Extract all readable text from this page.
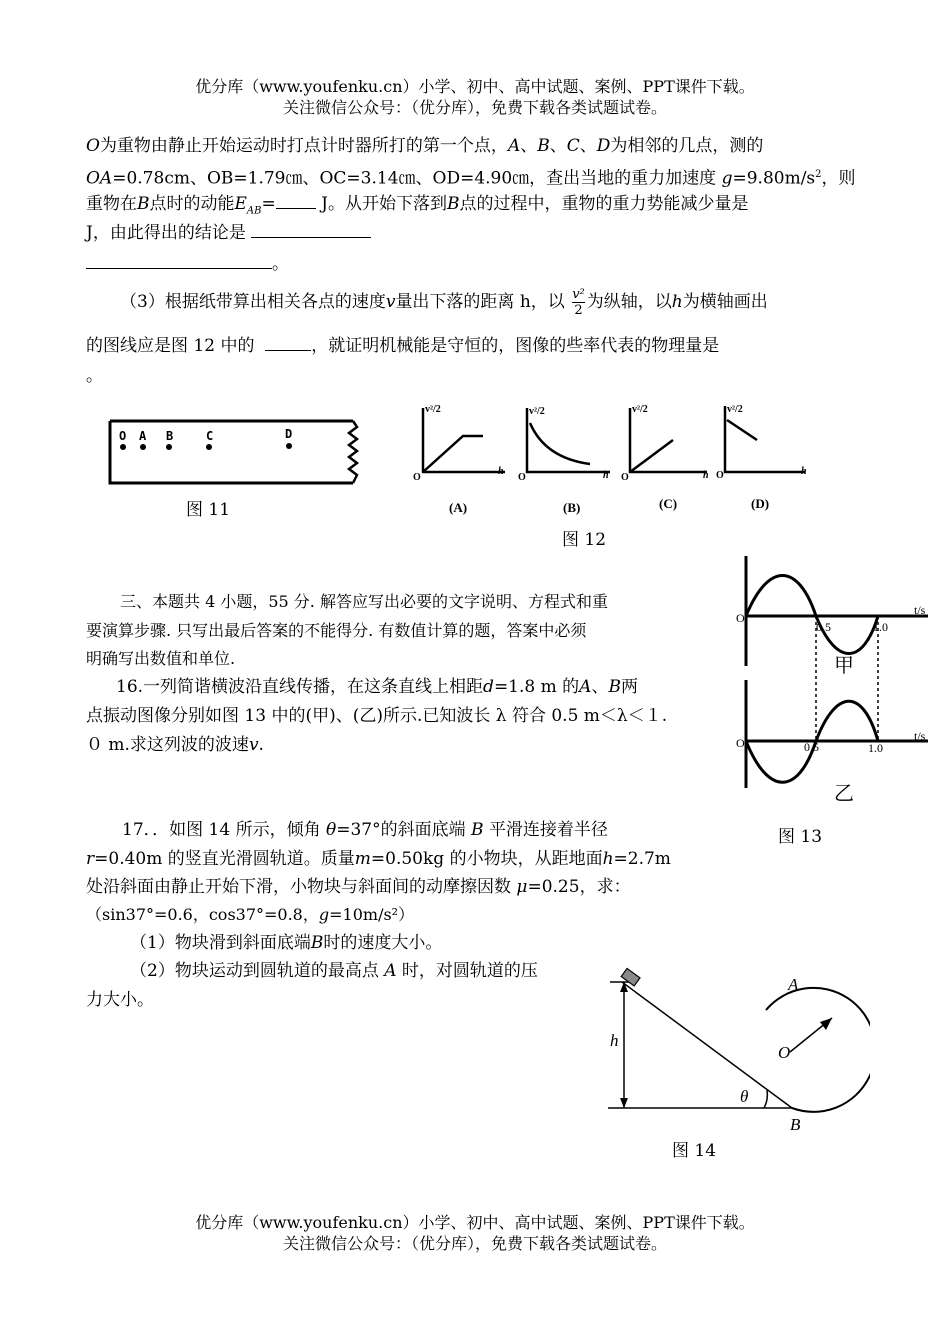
优分库（www.youfenku.cn）小学、初中、高中试题、案例、PPT课件下载。
关注微信公众号：（优分库），免费下载各类试题试卷。
O为重物由静止开始运动时打点计时器所打的第一个点，A、B、C、D为相邻的几点，测的
OA=0.78cm、OB=1.79㎝、OC=3.14㎝、OD=4.90㎝，查出当地的重力加速度 $g=9.80m/s^2$，则
重物在B点时的动能$E_{AB}= J$。从开始下落到B点的过程中，重物的重力势能减少量是
J，由此得出的结论是
。
（3）根据纸带算出相关各点的速度v量出下落的距离 h，以 $\frac{\text{v²}}{2}$ 为纵轴，以h为横轴画出
的图线应是图 12 中的	，就证明机械能是守恒的，图像的些率代表的物理量是
。
O A B	C	D
图 11
v²/2	v²/2	v²/2	v²/2
O	O	O	O
h	h	h	h
(A)	(B)	(C)	(D)
图 12
三、本题共 4 小题，55 分. 解答应写出必要的文字说明、方程式和重
要演算步骤. 只写出最后答案的不能得分. 有数值计算的题，答案中必须
明确写出数值和单位.
16.一列简谐横波沿直线传播，在这条直线上相距d=1.8 m 的A、B两
点振动图像分别如图 13 中的(甲)、(乙)所示.已知波长 λ 符合 0.5 m＜λ＜１.
０ m.求这列波的波速v.
O
0.5	1.0
t/s
O	0.5	1.0
t/s
甲
乙
图 13
17．．如图 14 所示，倾角 θ=37°的斜面底端 B 平滑连接着半径
r=0.40m 的竖直光滑圆轨道。质量m=0.50kg 的小物块，从距地面h=2.7m
处沿斜面由静止开始下滑，小物块与斜面间的动摩擦因数 μ=0.25，求：
（sin37°=0.6，cos37°=0.8，g=10m/s²）
（1）物块滑到斜面底端B时的速度大小。
（2）物块运动到圆轨道的最高点 A 时，对圆轨道的压
力大小。
h
θ
A
O
B
图 14
优分库（www.youfenku.cn）小学、初中、高中试题、案例、PPT课件下载。
关注微信公众号：（优分库），免费下载各类试题试卷。
